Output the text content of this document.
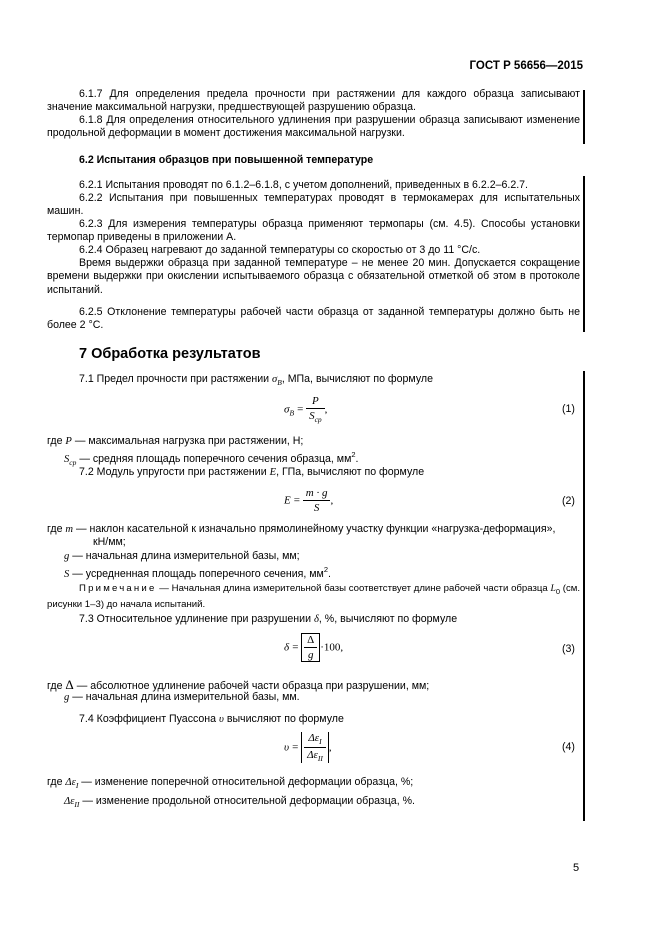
ГОСТ Р 56656—2015
6.1.7 Для определения предела прочности при растяжении для каждого образца записывают значение максимальной нагрузки, предшествующей разрушению образца.
6.1.8 Для определения относительного удлинения при разрушении образца записывают изменение продольной деформации в момент достижения максимальной нагрузки.
6.2 Испытания образцов при повышенной температуре
6.2.1 Испытания проводят по 6.1.2–6.1.8, с учетом дополнений, приведенных в 6.2.2–6.2.7.
6.2.2 Испытания при повышенных температурах проводят в термокамерах для испытательных машин.
6.2.3 Для измерения температуры образца применяют термопары (см. 4.5). Способы установки термопар приведены в приложении А.
6.2.4 Образец нагревают до заданной температуры со скоростью от 3 до 11 °С/с.
Время выдержки образца при заданной температуре – не менее 20 мин. Допускается сокращение времени выдержки при окислении испытываемого образца с обязательной отметкой об этом в протоколе испытаний.
6.2.5 Отклонение температуры рабочей части образца от заданной температуры должно быть не более 2 °С.
7 Обработка результатов
7.1 Предел прочности при растяжении $\sigma_B$, МПа, вычисляют по формуле
$\sigma_B = \frac{P}{S_{ср}}$ ,	(1)
где P — максимальная нагрузка при растяжении, Н;
$S_{ср}$ — средняя площадь поперечного сечения образца, $мм^2$.
7.2 Модуль упругости при растяжении E, ГПа, вычисляют по формуле
$E = \frac{m \cdot g}{S}$ ,	(2)
где m — наклон касательной к изначально прямолинейному участку функции «нагрузка-деформация»,
кН/мм;
g — начальная длина измерительной базы, мм;
S — усредненная площадь поперечного сечения, $мм^2$.
Примечание — Начальная длина измерительной базы соответствует длине рабочей части образца $L_0$ (см. рисунки 1–3) до начала испытаний.
7.3 Относительное удлинение при разрушении δ, %, вычисляют по формуле
$\delta = \frac{\Delta}{g} \cdot 100$,	(3)
где Δ — абсолютное удлинение рабочей части образца при разрушении, мм;
g — начальная длина измерительной базы, мм.
7.4 Коэффициент Пуассона υ вычисляют по формуле
$\upsilon = \frac{\Delta\varepsilon_I}{\Delta\varepsilon_{II}}$ ,	(4)
где $\Delta\varepsilon_I$ — изменение поперечной относительной деформации образца, %;
$\Delta\varepsilon_{II}$ — изменение продольной относительной деформации образца, %.
5
